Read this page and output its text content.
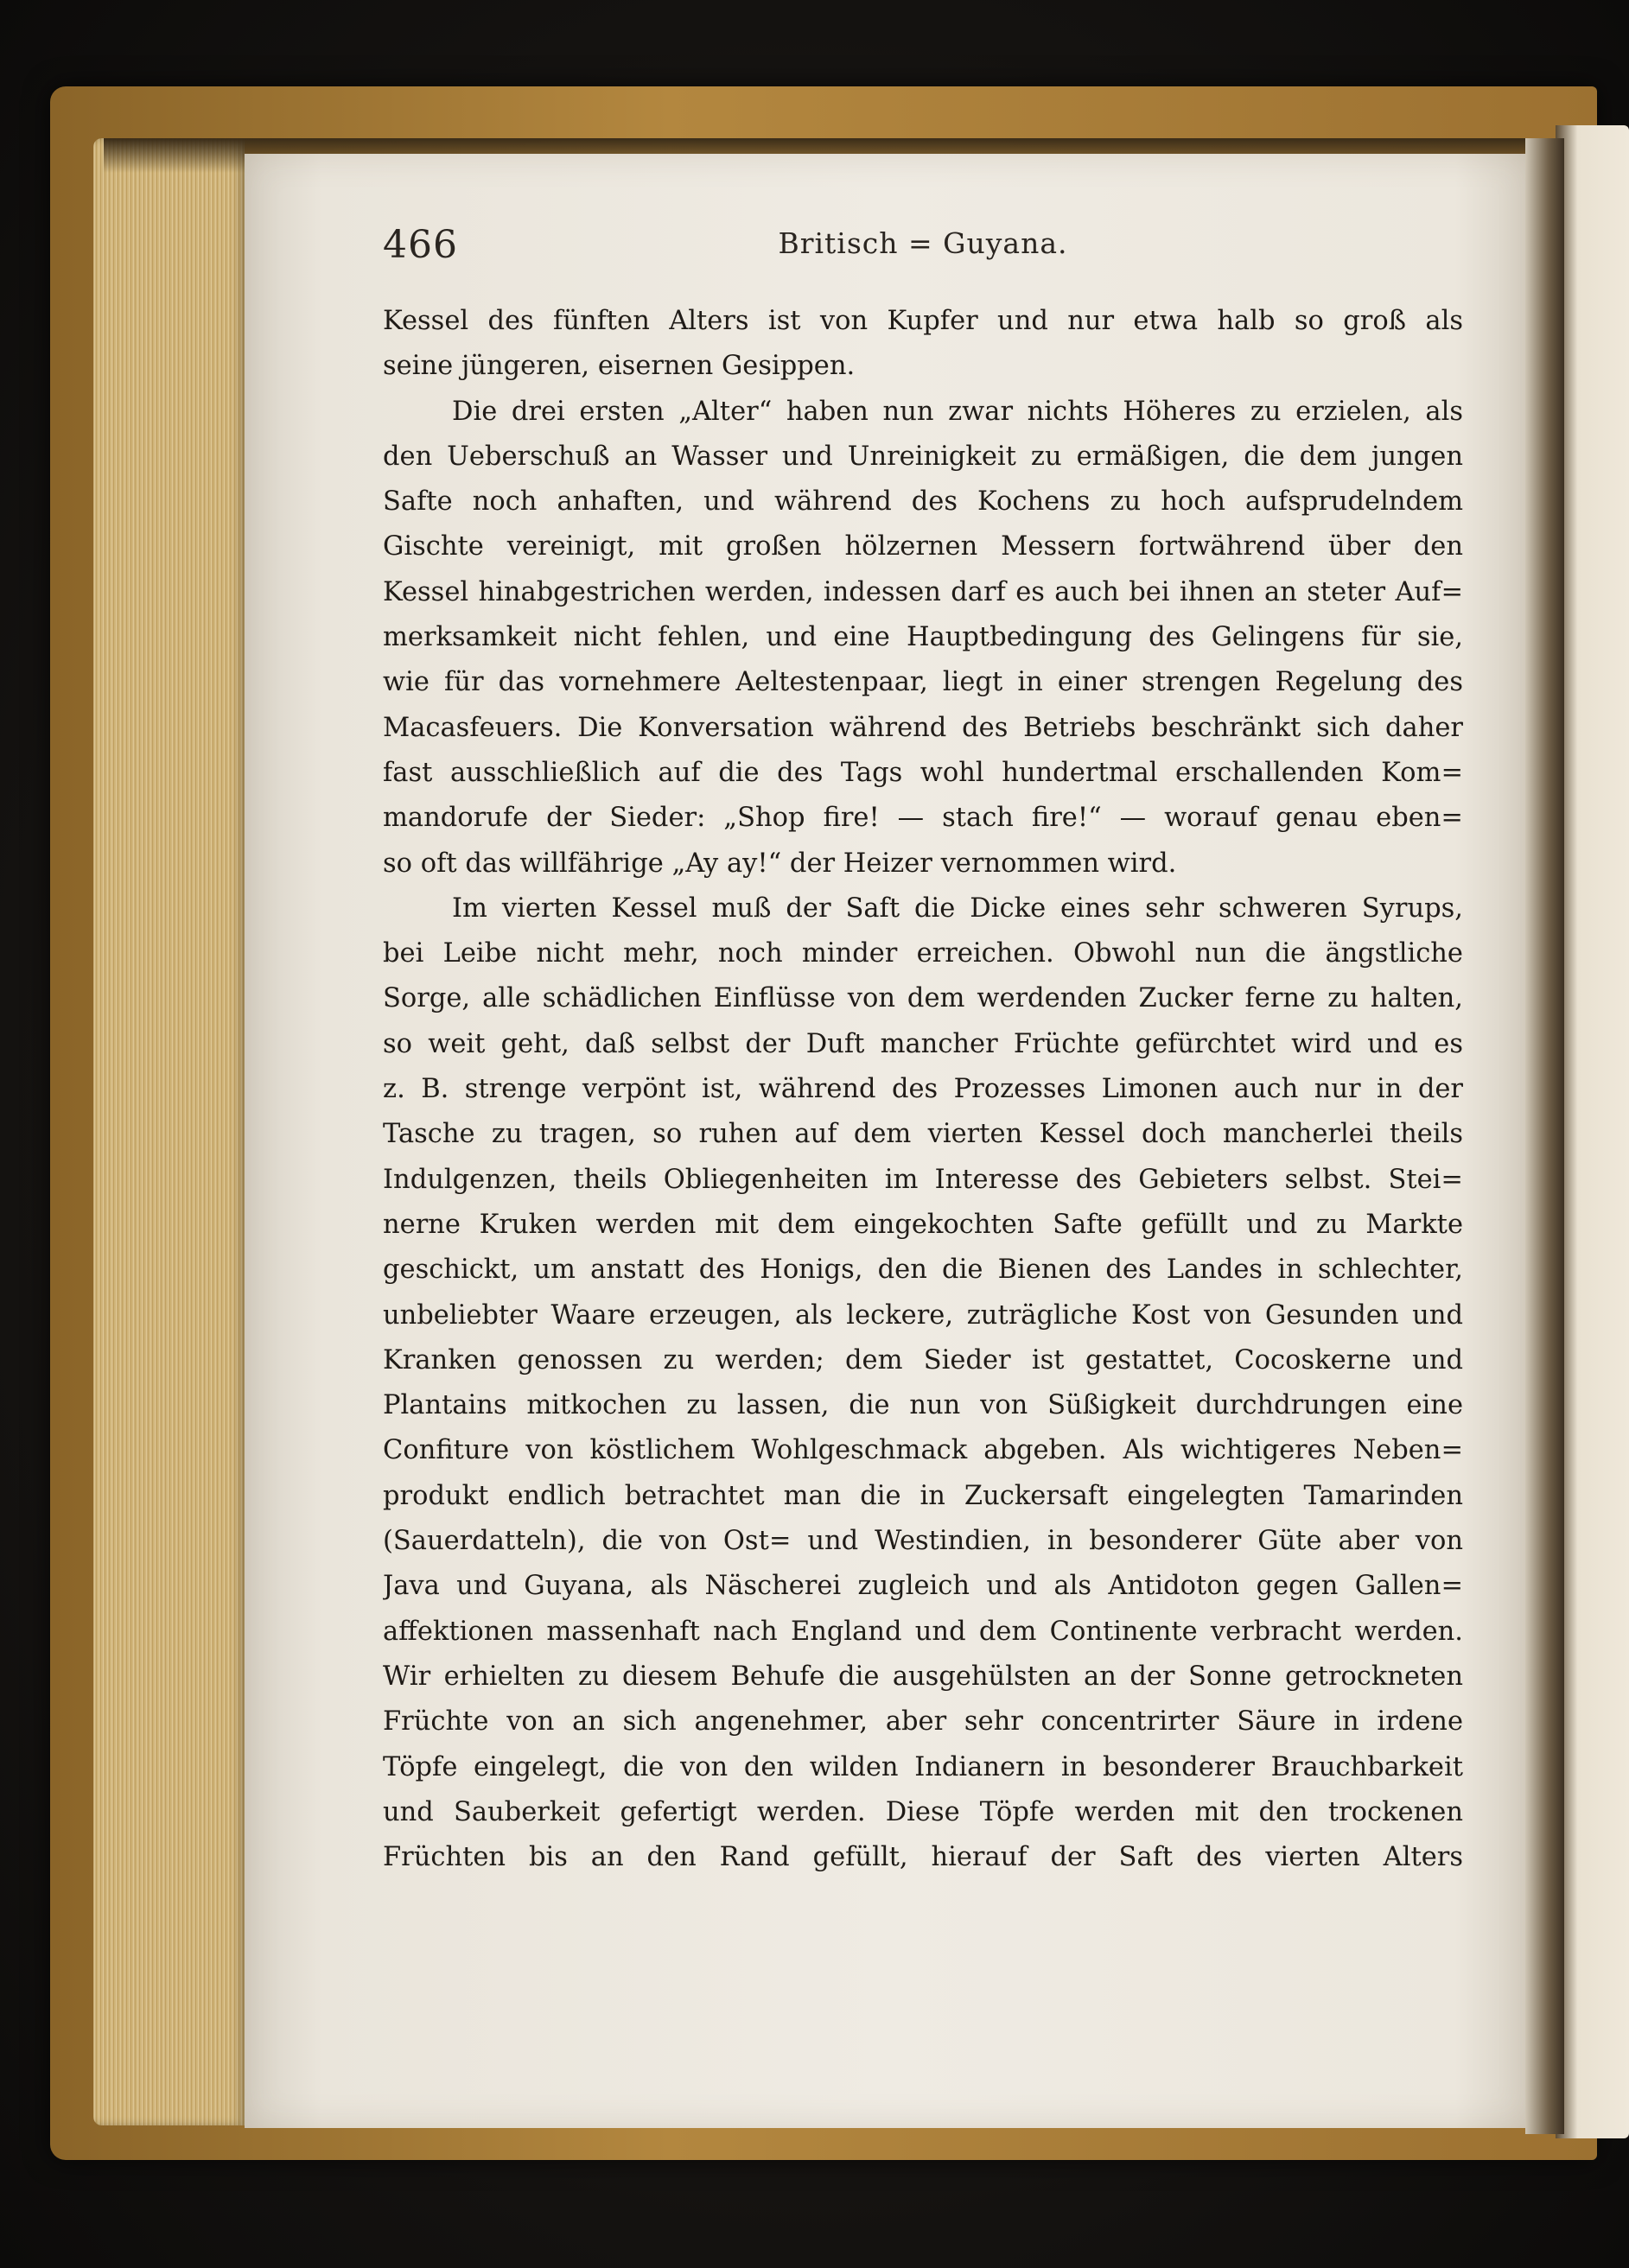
466	Britisch = Guyana.
Kessel des fünften Alters ist von Kupfer und nur etwa halb so groß als
seine jüngeren, eisernen Gesippen.
Die drei ersten „Alter“ haben nun zwar nichts Höheres zu erzielen, als
den Ueberschuß an Wasser und Unreinigkeit zu ermäßigen, die dem jungen
Safte noch anhaften, und während des Kochens zu hoch aufsprudelndem
Gischte vereinigt, mit großen hölzernen Messern fortwährend über den
Kessel hinabgestrichen werden, indessen darf es auch bei ihnen an steter Auf=
merksamkeit nicht fehlen, und eine Hauptbedingung des Gelingens für sie,
wie für das vornehmere Aeltestenpaar, liegt in einer strengen Regelung des
Macasfeuers. Die Konversation während des Betriebs beschränkt sich daher
fast ausschließlich auf die des Tags wohl hundertmal erschallenden Kom=
mandorufe der Sieder: „Shop fire! — stach fire!“ — worauf genau eben=
so oft das willfährige „Ay ay!“ der Heizer vernommen wird.
Im vierten Kessel muß der Saft die Dicke eines sehr schweren Syrups,
bei Leibe nicht mehr, noch minder erreichen. Obwohl nun die ängstliche
Sorge, alle schädlichen Einflüsse von dem werdenden Zucker ferne zu halten,
so weit geht, daß selbst der Duft mancher Früchte gefürchtet wird und es
z. B. strenge verpönt ist, während des Prozesses Limonen auch nur in der
Tasche zu tragen, so ruhen auf dem vierten Kessel doch mancherlei theils
Indulgenzen, theils Obliegenheiten im Interesse des Gebieters selbst. Stei=
nerne Kruken werden mit dem eingekochten Safte gefüllt und zu Markte
geschickt, um anstatt des Honigs, den die Bienen des Landes in schlechter,
unbeliebter Waare erzeugen, als leckere, zuträgliche Kost von Gesunden und
Kranken genossen zu werden; dem Sieder ist gestattet, Cocoskerne und
Plantains mitkochen zu lassen, die nun von Süßigkeit durchdrungen eine
Confiture von köstlichem Wohlgeschmack abgeben. Als wichtigeres Neben=
produkt endlich betrachtet man die in Zuckersaft eingelegten Tamarinden
(Sauerdatteln), die von Ost= und Westindien, in besonderer Güte aber von
Java und Guyana, als Näscherei zugleich und als Antidoton gegen Gallen=
affektionen massenhaft nach England und dem Continente verbracht werden.
Wir erhielten zu diesem Behufe die ausgehülsten an der Sonne getrockneten
Früchte von an sich angenehmer, aber sehr concentrirter Säure in irdene
Töpfe eingelegt, die von den wilden Indianern in besonderer Brauchbarkeit
und Sauberkeit gefertigt werden. Diese Töpfe werden mit den trockenen
Früchten bis an den Rand gefüllt, hierauf der Saft des vierten Alters
